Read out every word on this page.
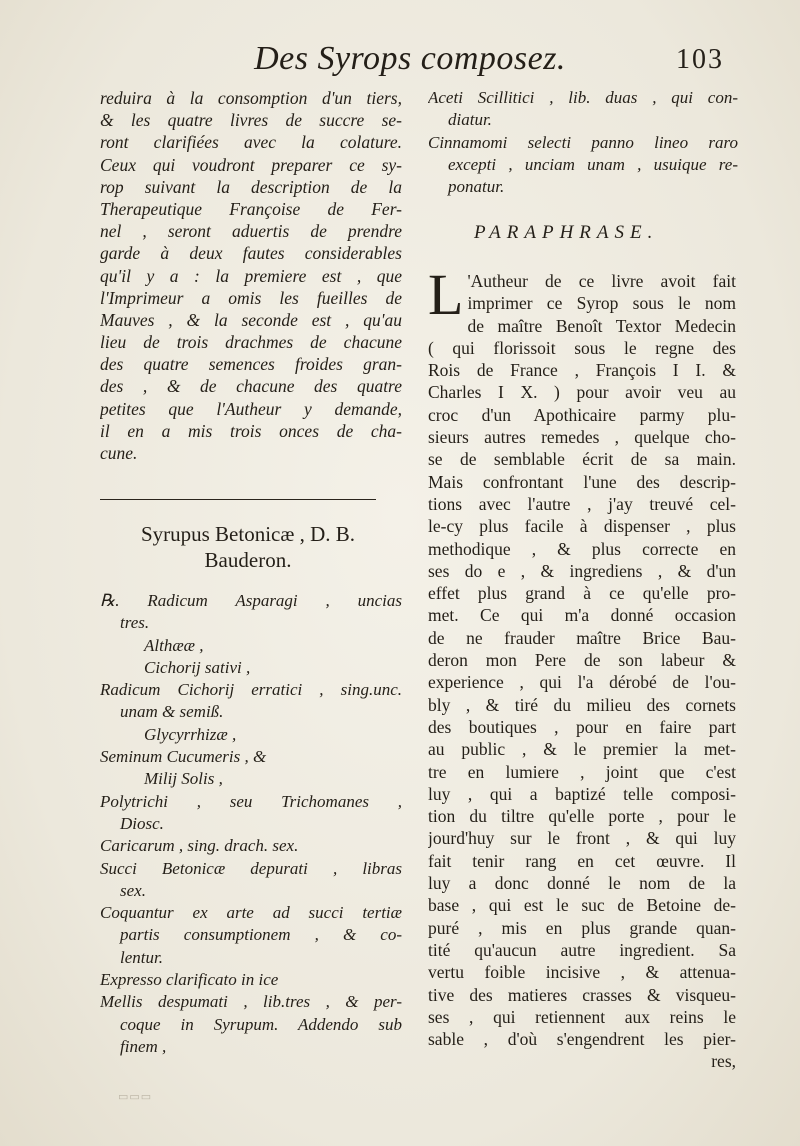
Des Syrops composez.	103
reduira à la consomption d'un tiers,
& les quatre livres de succre se-
ront clarifiées avec la colature.
Ceux qui voudront preparer ce sy-
rop suivant la description de la
Therapeutique Françoise de Fer-
nel , seront aduertis de prendre
garde à deux fautes considerables
qu'il y a : la premiere est , que
l'Imprimeur a omis les fueilles de
Mauves , & la seconde est , qu'au
lieu de trois drachmes de chacune
des quatre semences froides gran-
des , & de chacune des quatre
petites que l'Autheur y demande,
il en a mis trois onces de cha-
cune.
Syrupus Betonicæ , D. B.
Bauderon.
℞. Radicum Asparagi , uncias
tres.
Althææ ,
Cichorij sativi ,
Radicum Cichorij erratici , sing.unc.
unam & semiß.
Glycyrrhizæ ,
Seminum Cucumeris , &
Milij Solis ,
Polytrichi , seu Trichomanes ,
Diosc.
Caricarum , sing. drach. sex.
Succi Betonicæ depurati , libras
sex.
Coquantur ex arte ad succi tertiæ
partis consumptionem , & co-
lentur.
Expresso clarificato in ice
Mellis despumati , lib.tres , & per-
coque in Syrupum. Addendo sub
finem ,
Aceti Scillitici , lib. duas , qui con-
diatur.
Cinnamomi selecti panno lineo raro
excepti , unciam unam , usuique re-
ponatur.
PARAPHRASE.
L 'Autheur de ce livre avoit fait
imprimer ce Syrop sous le nom
de maître Benoît Textor Medecin
( qui florissoit sous le regne des
Rois de France , François I I. &
Charles I X. ) pour avoir veu au
croc d'un Apothicaire parmy plu-
sieurs autres remedes , quelque cho-
se de semblable écrit de sa main.
Mais confrontant l'une des descrip-
tions avec l'autre , j'ay treuvé cel-
le-cy plus facile à dispenser , plus
methodique , & plus correcte en
ses do e , & ingrediens , & d'un
effet plus grand à ce qu'elle pro-
met. Ce qui m'a donné occasion
de ne frauder maître Brice Bau-
deron mon Pere de son labeur &
experience , qui l'a dérobé de l'ou-
bly , & tiré du milieu des cornets
des boutiques , pour en faire part
au public , & le premier la met-
tre en lumiere , joint que c'est
luy , qui a baptizé telle composi-
tion du tiltre qu'elle porte , pour le
jourd'huy sur le front , & qui luy
fait tenir rang en cet œuvre. Il
luy a donc donné le nom de la
base , qui est le suc de Betoine de-
puré , mis en plus grande quan-
tité qu'aucun autre ingredient. Sa
vertu foible incisive , & attenua-
tive des matieres crasses & visqueu-
ses , qui retiennent aux reins le
sable , d'où s'engendrent les pier-
res,
▭▭▭
